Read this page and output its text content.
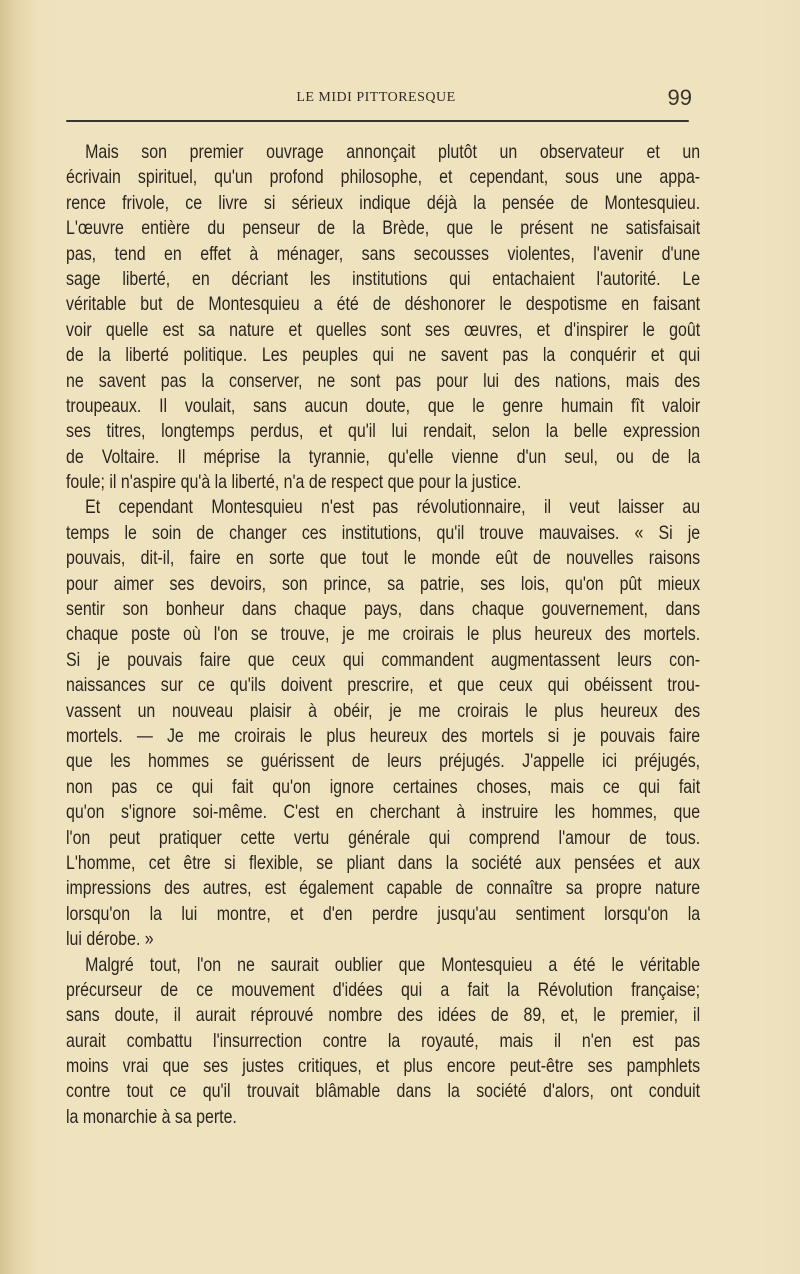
LE MIDI PITTORESQUE	99
Mais son premier ouvrage annonçait plutôt un observateur et un
écrivain spirituel, qu'un profond philosophe, et cependant, sous une appa-
rence frivole, ce livre si sérieux indique déjà la pensée de Montesquieu.
L'œuvre entière du penseur de la Brède, que le présent ne satisfaisait
pas, tend en effet à ménager, sans secousses violentes, l'avenir d'une
sage liberté, en décriant les institutions qui entachaient l'autorité. Le
véritable but de Montesquieu a été de déshonorer le despotisme en faisant
voir quelle est sa nature et quelles sont ses œuvres, et d'inspirer le goût
de la liberté politique. Les peuples qui ne savent pas la conquérir et qui
ne savent pas la conserver, ne sont pas pour lui des nations, mais des
troupeaux. Il voulait, sans aucun doute, que le genre humain fît valoir
ses titres, longtemps perdus, et qu'il lui rendait, selon la belle expression
de Voltaire. Il méprise la tyrannie, qu'elle vienne d'un seul, ou de la
foule; il n'aspire qu'à la liberté, n'a de respect que pour la justice.
Et cependant Montesquieu n'est pas révolutionnaire, il veut laisser au
temps le soin de changer ces institutions, qu'il trouve mauvaises. « Si je
pouvais, dit-il, faire en sorte que tout le monde eût de nouvelles raisons
pour aimer ses devoirs, son prince, sa patrie, ses lois, qu'on pût mieux
sentir son bonheur dans chaque pays, dans chaque gouvernement, dans
chaque poste où l'on se trouve, je me croirais le plus heureux des mortels.
Si je pouvais faire que ceux qui commandent augmentassent leurs con-
naissances sur ce qu'ils doivent prescrire, et que ceux qui obéissent trou-
vassent un nouveau plaisir à obéir, je me croirais le plus heureux des
mortels. — Je me croirais le plus heureux des mortels si je pouvais faire
que les hommes se guérissent de leurs préjugés. J'appelle ici préjugés,
non pas ce qui fait qu'on ignore certaines choses, mais ce qui fait
qu'on s'ignore soi-même. C'est en cherchant à instruire les hommes, que
l'on peut pratiquer cette vertu générale qui comprend l'amour de tous.
L'homme, cet être si flexible, se pliant dans la société aux pensées et aux
impressions des autres, est également capable de connaître sa propre nature
lorsqu'on la lui montre, et d'en perdre jusqu'au sentiment lorsqu'on la
lui dérobe. »
Malgré tout, l'on ne saurait oublier que Montesquieu a été le véritable
précurseur de ce mouvement d'idées qui a fait la Révolution française;
sans doute, il aurait réprouvé nombre des idées de 89, et, le premier, il
aurait combattu l'insurrection contre la royauté, mais il n'en est pas
moins vrai que ses justes critiques, et plus encore peut-être ses pamphlets
contre tout ce qu'il trouvait blâmable dans la société d'alors, ont conduit
la monarchie à sa perte.
